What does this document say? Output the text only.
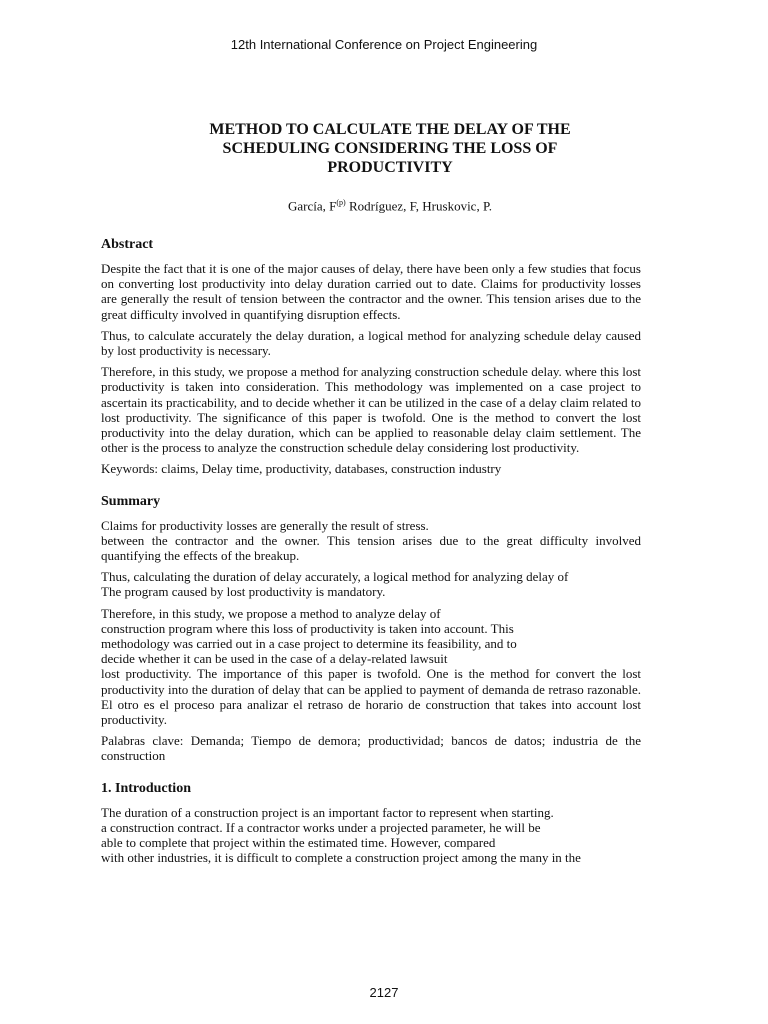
12th International Conference on Project Engineering
METHOD TO CALCULATE THE DELAY OF THE
SCHEDULING CONSIDERING THE LOSS OF
PRODUCTIVITY
García, $F^{(p)}$ Rodríguez, F, Hruskovic, P.
Abstract

Despite the fact that it is one of the major causes of delay, there have been only a few studies that focus on converting lost productivity into delay duration carried out to date. Claims for productivity losses are generally the result of tension between the contractor and the owner. This tension arises due to the great difficulty involved in quantifying disruption effects.

Thus, to calculate accurately the delay duration, a logical method for analyzing schedule delay caused by lost productivity is necessary.

Therefore, in this study, we propose a method for analyzing construction schedule delay. where this lost productivity is taken into consideration. This methodology was implemented on a case project to ascertain its practicability, and to decide whether it can be utilized in the case of a delay claim related to lost productivity. The significance of this paper is twofold. One is the method to convert the lost productivity into the delay duration, which can be applied to reasonable delay claim settlement. The other is the process to analyze the construction schedule delay considering lost productivity.

Keywords: claims, Delay time, productivity, databases, construction industry

Summary

Claims for productivity losses are generally the result of stress.
between the contractor and the owner. This tension arises due to the great difficulty involved quantifying the effects of the breakup.

Thus, calculating the duration of delay accurately, a logical method for analyzing delay of
The program caused by lost productivity is mandatory.

Therefore, in this study, we propose a method to analyze delay of
construction program where this loss of productivity is taken into account. This
methodology was carried out in a case project to determine its feasibility, and to
decide whether it can be used in the case of a delay-related lawsuit
lost productivity. The importance of this paper is twofold. One is the method for convert the lost productivity into the duration of delay that can be applied to payment of demanda de retraso razonable. El otro es el proceso para analizar el retraso de horario de construction that takes into account lost productivity.

Palabras clave: Demanda; Tiempo de demora; productividad; bancos de datos; industria de the construction

1. Introduction

The duration of a construction project is an important factor to represent when starting.
a construction contract. If a contractor works under a projected parameter, he will be
able to complete that project within the estimated time. However, compared
with other industries, it is difficult to complete a construction project among the many in the

2127
